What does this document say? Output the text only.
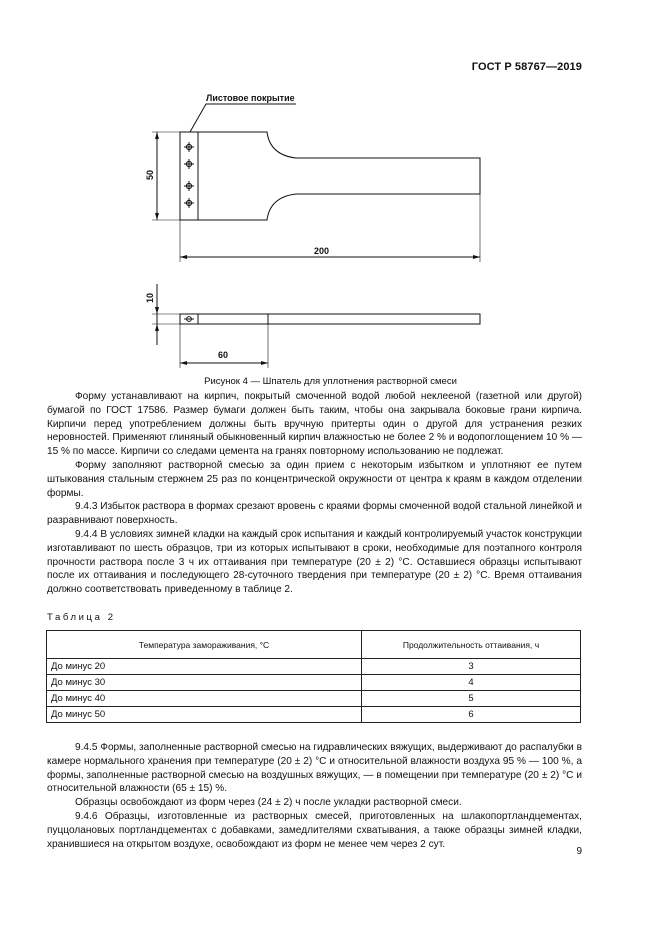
ГОСТ Р 58767—2019
Листовое покрытие
200
60
50
10
Рисунок 4 — Шпатель для уплотнения растворной смеси

Форму устанавливают на кирпич, покрытый смоченной водой любой неклееной (газетной или другой) бумагой по ГОСТ 17586. Размер бумаги должен быть таким, чтобы она закрывала боковые грани кирпича. Кирпичи перед употреблением должны быть вручную притерты один о другой для устранения резких неровностей. Применяют глиняный обыкновенный кирпич влажностью не более 2 % и водопоглощением 10 % — 15 % по массе. Кирпичи со следами цемента на гранях повторному использованию не подлежат.

Форму заполняют растворной смесью за один прием с некоторым избытком и уплотняют ее путем штыкования стальным стержнем 25 раз по концентрической окружности от центра к краям в каждом отделении формы.

9.4.3 Избыток раствора в формах срезают вровень с краями формы смоченной водой стальной линейкой и разравнивают поверхность.

9.4.4 В условиях зимней кладки на каждый срок испытания и каждый контролируемый участок конструкции изготавливают по шесть образцов, три из которых испытывают в сроки, необходимые для поэтапного контроля прочности раствора после 3 ч их оттаивания при температуре (20 ± 2) °С. Оставшиеся образцы испытывают после их оттаивания и последующего 28-суточного твердения при температуре (20 ± 2) °С. Время оттаивания должно соответствовать приведенному в таблице 2.

Таблица 2
Температура замораживания, °С	Продолжительность оттаивания, ч
До минус 20	3
До минус 30	4
До минус 40	5
До минус 50	6

9.4.5 Формы, заполненные растворной смесью на гидравлических вяжущих, выдерживают до распалубки в камере нормального хранения при температуре (20 ± 2) °С и относительной влажности воздуха 95 % — 100 %, а формы, заполненные растворной смесью на воздушных вяжущих, — в помещении при температуре (20 ± 2) °С и относительной влажности (65 ± 15) %.

Образцы освобождают из форм через (24 ± 2) ч после укладки растворной смеси.

9.4.6 Образцы, изготовленные из растворных смесей, приготовленных на шлакопортландцементах, пуццолановых портландцементах с добавками, замедлителями схватывания, а также образцы зимней кладки, хранившиеся на открытом воздухе, освобождают из форм не менее чем через 2 сут.

9
